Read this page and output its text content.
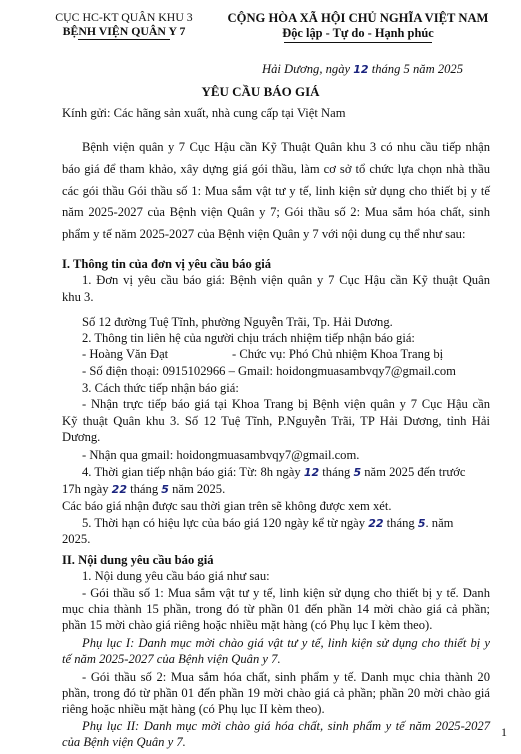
CỤC HC-KT QUÂN KHU 3
BỆNH VIỆN QUÂN Y 7
CỘNG HÒA XÃ HỘI CHỦ NGHĨA VIỆT NAM
Độc lập - Tự do - Hạnh phúc
Hải Dương, ngày 12 tháng 5 năm 2025
YÊU CẦU BÁO GIÁ
Kính gửi: Các hãng sản xuất, nhà cung cấp tại Việt Nam
Bệnh viện quân y 7 Cục Hậu cần Kỹ Thuật Quân khu 3 có nhu cầu tiếp nhận
báo giá để tham khảo, xây dựng giá gói thầu, làm cơ sở tổ chức lựa chọn nhà thầu
các gói thầu Gói thầu số 1: Mua sắm vật tư y tế, linh kiện sử dụng cho thiết bị y tế
năm 2025-2027 của Bệnh viện Quân y 7; Gói thầu số 2: Mua sắm hóa chất, sinh
phẩm y tế năm 2025-2027 của Bệnh viện Quân y 7 với nội dung cụ thể như sau:
I. Thông tin của đơn vị yêu cầu báo giá
1. Đơn vị yêu cầu báo giá: Bệnh viện quân y 7 Cục Hậu cần Kỹ thuật Quân
khu 3.
Số 12 đường Tuệ Tĩnh, phường Nguyễn Trãi, Tp. Hải Dương.
2. Thông tin liên hệ của người chịu trách nhiệm tiếp nhận báo giá:
- Hoàng Văn Đạt	- Chức vụ: Phó Chủ nhiệm Khoa Trang bị
- Số điện thoại: 0915102966 – Gmail: hoidongmuasambvqy7@gmail.com
3. Cách thức tiếp nhận báo giá:
- Nhận trực tiếp báo giá tại Khoa Trang bị Bệnh viện quân y 7 Cục Hậu cần
Kỹ thuật Quân khu 3. Số 12 Tuệ Tĩnh, P.Nguyễn Trãi, TP Hải Dương, tỉnh Hải
Dương.
- Nhận qua gmail: hoidongmuasambvqy7@gmail.com.
4. Thời gian tiếp nhận báo giá: Từ: 8h ngày 12 tháng 5 năm 2025 đến trước
17h ngày 22 tháng 5 năm 2025.
Các báo giá nhận được sau thời gian trên sẽ không được xem xét.
5. Thời hạn có hiệu lực của báo giá 120 ngày kể từ ngày 22 tháng 5. năm
2025.
II. Nội dung yêu cầu báo giá
1. Nội dung yêu cầu báo giá như sau:
- Gói thầu số 1: Mua sắm vật tư y tế, linh kiện sử dụng cho thiết bị y tế. Danh
mục chia thành 15 phần, trong đó từ phần 01 đến phần 14 mời chào giá cả phần;
phần 15 mời chào giá riêng hoặc nhiều mặt hàng (có Phụ lục I kèm theo).
Phụ lục I: Danh mục mời chào giá vật tư y tế, linh kiện sử dụng cho thiết bị y
tế năm 2025-2027 của Bệnh viện Quân y 7.
- Gói thầu số 2: Mua sắm hóa chất, sinh phẩm y tế. Danh mục chia thành 20
phần, trong đó từ phần 01 đến phần 19 mời chào giá cả phần; phần 20 mời chào giá
riêng hoặc nhiều mặt hàng (có Phụ lục II kèm theo).
Phụ lục II: Danh mục mời chào giá hóa chất, sinh phẩm y tế năm 2025-2027
của Bệnh viện Quân y 7.
1
